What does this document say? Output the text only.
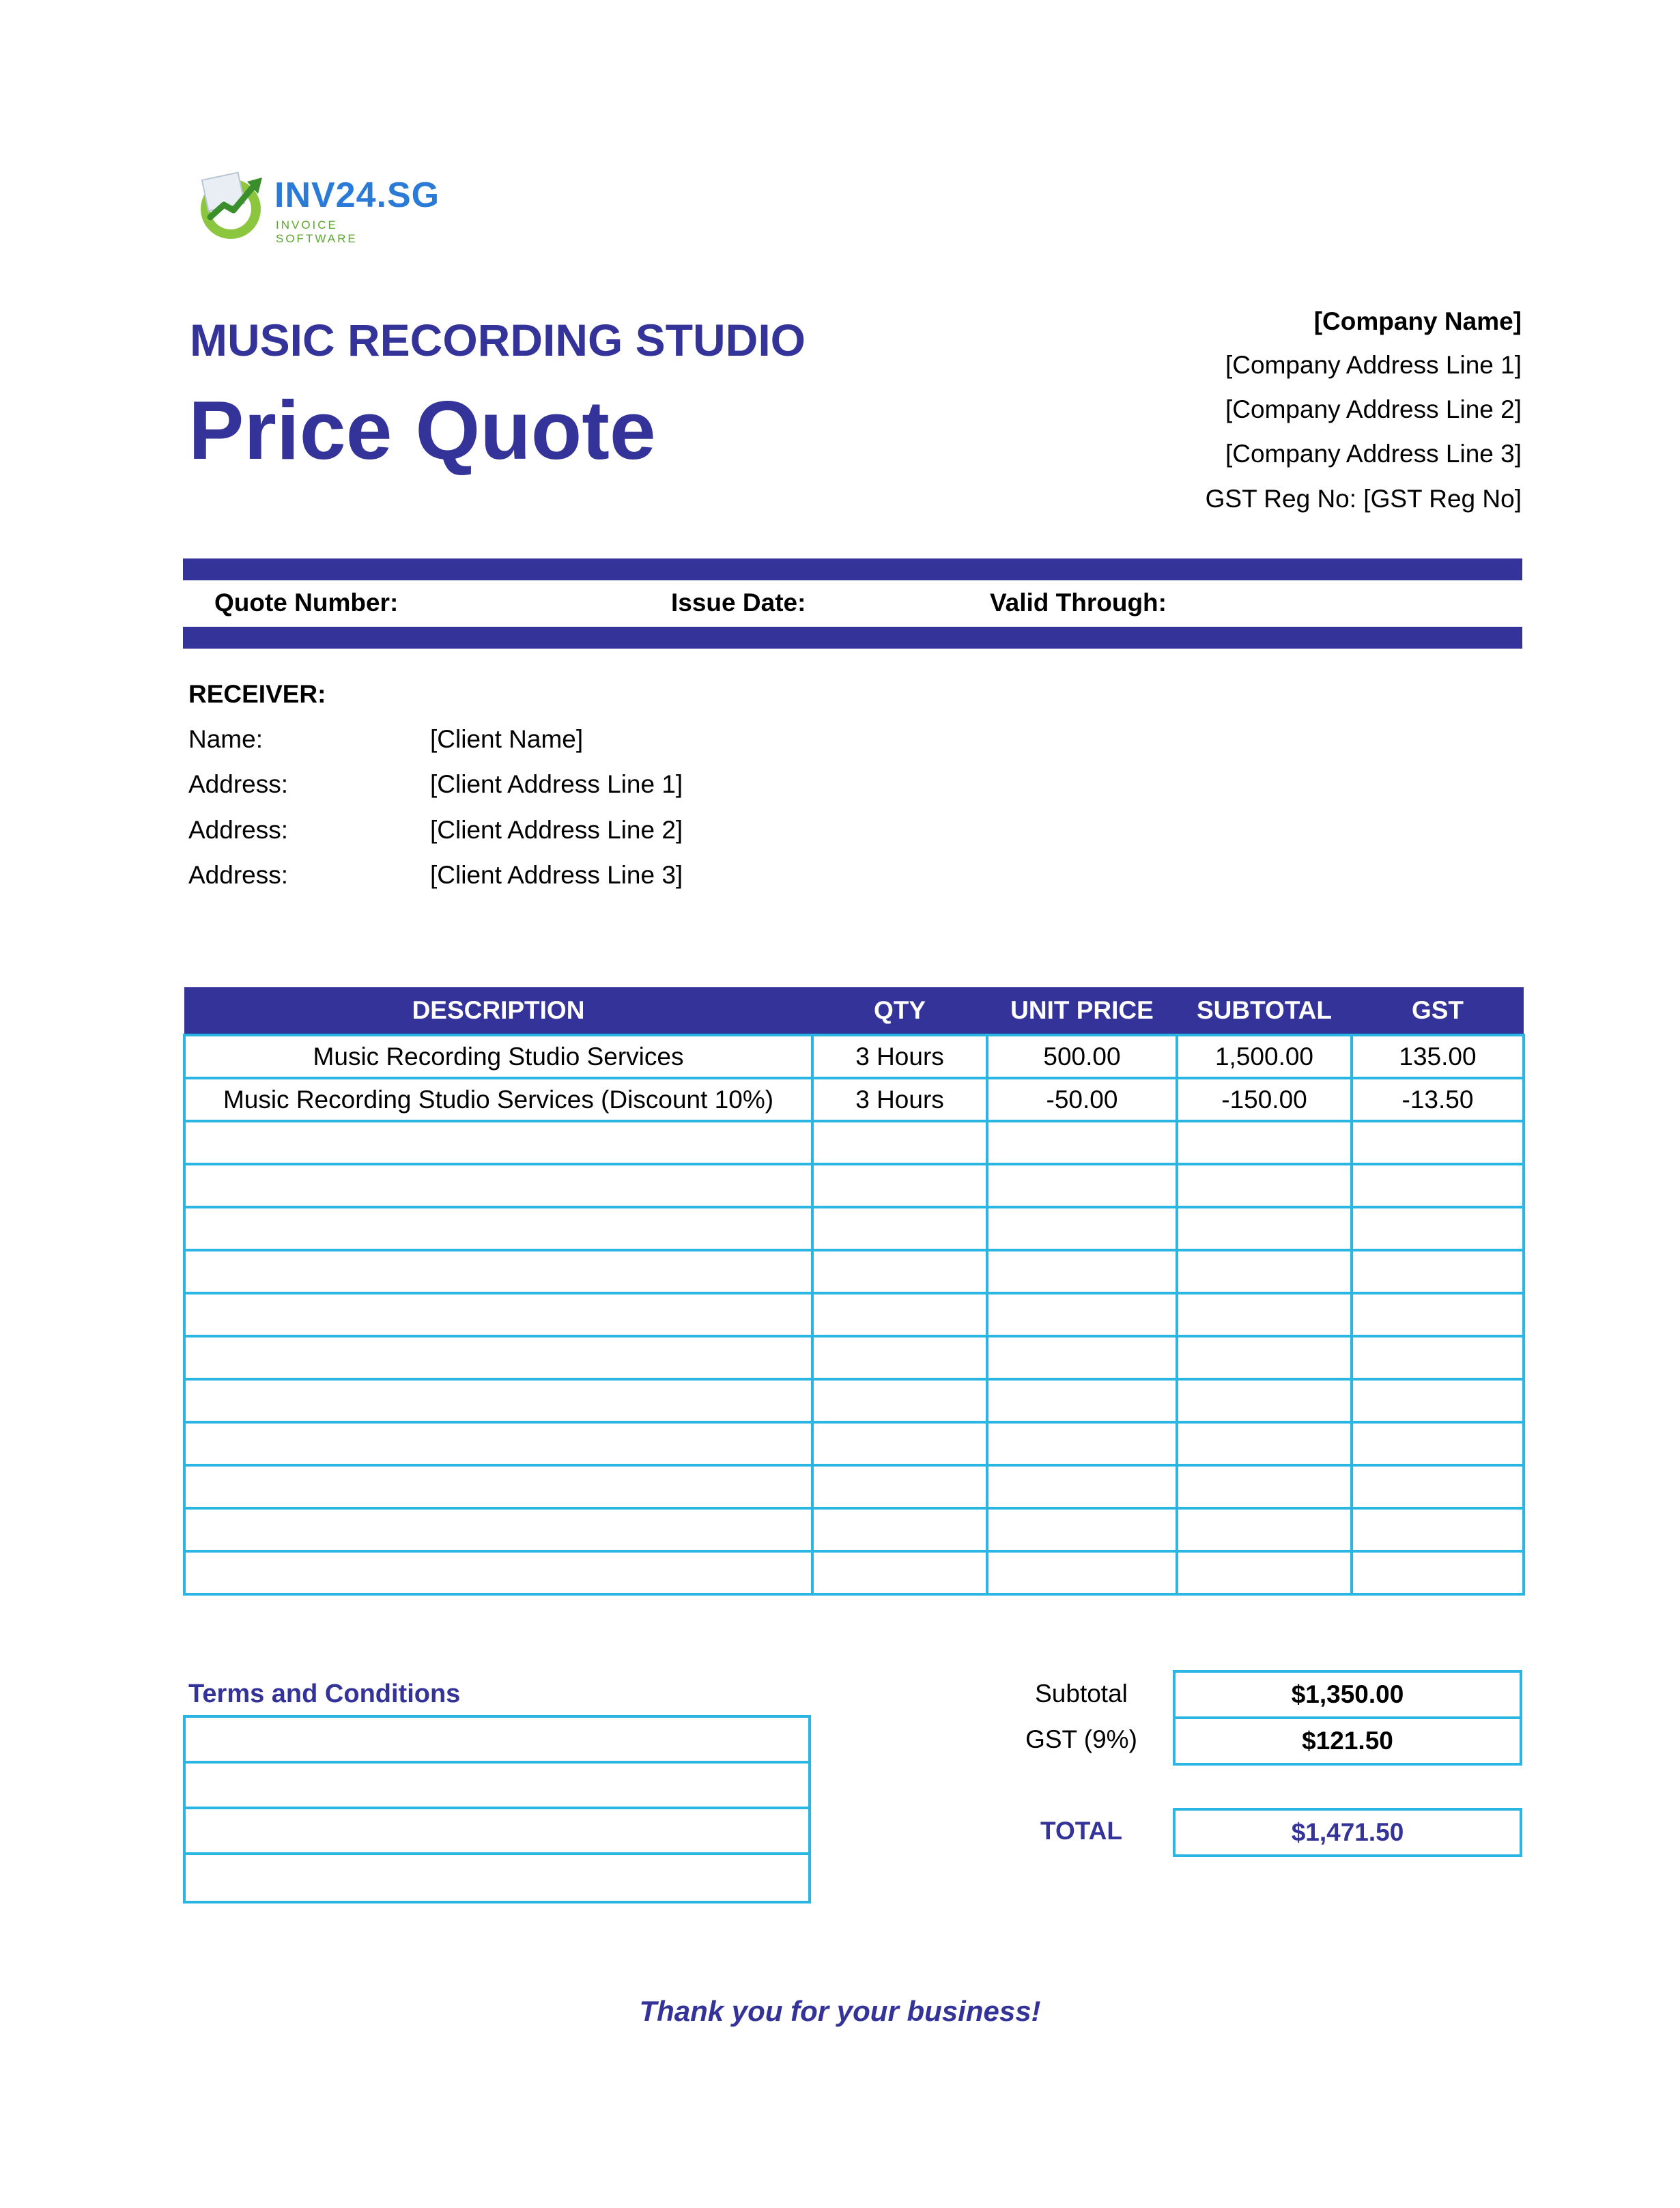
INV24.SG
INVOICE SOFTWARE
MUSIC RECORDING STUDIO
Price Quote
[Company Name]
[Company Address Line 1]
[Company Address Line 2]
[Company Address Line 3]
GST Reg No: [GST Reg No]
Quote Number:	Issue Date:	Valid Through:
RECEIVER:
Name:	[Client Name]
Address:	[Client Address Line 1]
Address:	[Client Address Line 2]
Address:	[Client Address Line 3]
DESCRIPTION	QTY	UNIT PRICE	SUBTOTAL	GST
Music Recording Studio Services	3 Hours	500.00	1,500.00	135.00
Music Recording Studio Services (Discount 10%)	3 Hours	-50.00	-150.00	-13.50

Terms and Conditions	Subtotal	$1,350.00
GST (9%)	$121.50
TOTAL	$1,471.50
Thank you for your business!
